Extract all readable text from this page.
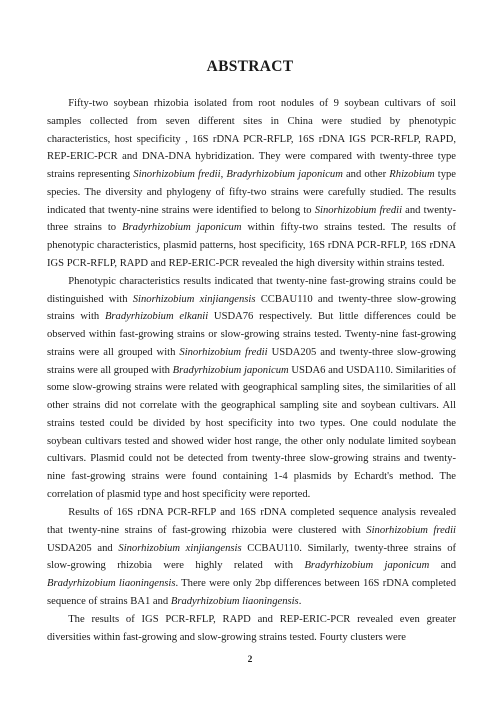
ABSTRACT

Fifty-two soybean rhizobia isolated from root nodules of 9 soybean cultivars of soil samples collected from seven different sites in China were studied by phenotypic characteristics, host specificity , 16S rDNA PCR-RFLP, 16S rDNA IGS PCR-RFLP, RAPD, REP-ERIC-PCR and DNA-DNA hybridization. They were compared with twenty-three type strains representing Sinorhizobium fredii, Bradyrhizobium japonicum and other Rhizobium type species. The diversity and phylogeny of fifty-two strains were carefully studied. The results indicated that twenty-nine strains were identified to belong to Sinorhizobium fredii and twenty-three strains to Bradyrhizobium japonicum within fifty-two strains tested. The results of phenotypic characteristics, plasmid patterns, host specificity, 16S rDNA PCR-RFLP, 16S rDNA IGS PCR-RFLP, RAPD and REP-ERIC-PCR revealed the high diversity within strains tested.

Phenotypic characteristics results indicated that twenty-nine fast-growing strains could be distinguished with Sinorhizobium xinjiangensis CCBAU110 and twenty-three slow-growing strains with Bradyrhizobium elkanii USDA76 respectively. But little differences could be observed within fast-growing strains or slow-growing strains tested. Twenty-nine fast-growing strains were all grouped with Sinorhizobium fredii USDA205 and twenty-three slow-growing strains were all grouped with Bradyrhizobium japonicum USDA6 and USDA110. Similarities of some slow-growing strains were related with geographical sampling sites, the similarities of all other strains did not correlate with the geographical sampling site and soybean cultivars. All strains tested could be divided by host specificity into two types. One could nodulate the soybean cultivars tested and showed wider host range, the other only nodulate limited soybean cultivars. Plasmid could not be detected from twenty-three slow-growing strains and twenty-nine fast-growing strains were found containing 1-4 plasmids by Echardt's method. The correlation of plasmid type and host specificity were reported.

Results of 16S rDNA PCR-RFLP and 16S rDNA completed sequence analysis revealed that twenty-nine strains of fast-growing rhizobia were clustered with Sinorhizobium fredii USDA205 and Sinorhizobium xinjiangensis CCBAU110. Similarly, twenty-three strains of slow-growing rhizobia were highly related with Bradyrhizobium japonicum and Bradyrhizobium liaoningensis. There were only 2bp differences between 16S rDNA completed sequence of strains BA1 and Bradyrhizobium liaoningensis.

The results of IGS PCR-RFLP, RAPD and REP-ERIC-PCR revealed even greater diversities within fast-growing and slow-growing strains tested. Fourty clusters were

2
